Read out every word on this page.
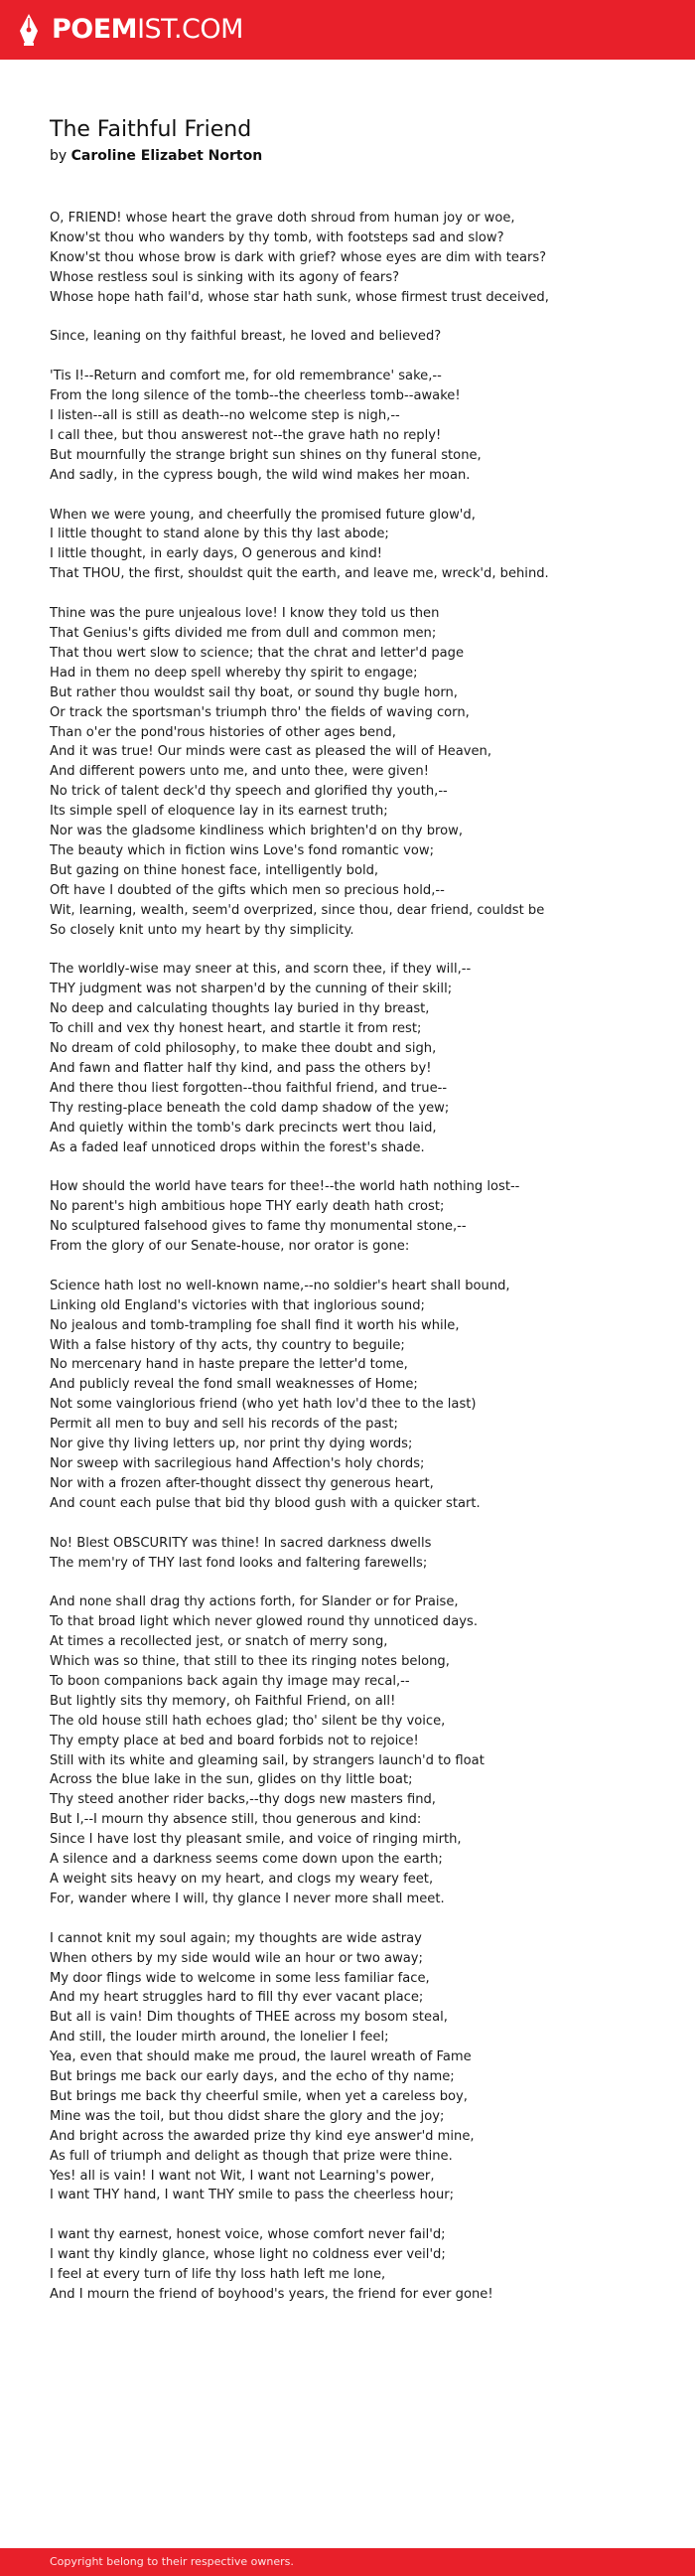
POEMIST.COM
The Faithful Friend
by Caroline Elizabet Norton
O, FRIEND! whose heart the grave doth shroud from human joy or woe,
Know'st thou who wanders by thy tomb, with footsteps sad and slow?
Know'st thou whose brow is dark with grief? whose eyes are dim with tears?
Whose restless soul is sinking with its agony of fears?
Whose hope hath fail'd, whose star hath sunk, whose firmest trust deceived,
Since, leaning on thy faithful breast, he loved and believed?
'Tis I!--Return and comfort me, for old remembrance' sake,--
From the long silence of the tomb--the cheerless tomb--awake!
I listen--all is still as death--no welcome step is nigh,--
I call thee, but thou answerest not--the grave hath no reply!
But mournfully the strange bright sun shines on thy funeral stone,
And sadly, in the cypress bough, the wild wind makes her moan.
When we were young, and cheerfully the promised future glow'd,
I little thought to stand alone by this thy last abode;
I little thought, in early days, O generous and kind!
That THOU, the first, shouldst quit the earth, and leave me, wreck'd, behind.
Thine was the pure unjealous love! I know they told us then
That Genius's gifts divided me from dull and common men;
That thou wert slow to science; that the chrat and letter'd page
Had in them no deep spell whereby thy spirit to engage;
But rather thou wouldst sail thy boat, or sound thy bugle horn,
Or track the sportsman's triumph thro' the fields of waving corn,
Than o'er the pond'rous histories of other ages bend,
And it was true! Our minds were cast as pleased the will of Heaven,
And different powers unto me, and unto thee, were given!
No trick of talent deck'd thy speech and glorified thy youth,--
Its simple spell of eloquence lay in its earnest truth;
Nor was the gladsome kindliness which brighten'd on thy brow,
The beauty which in fiction wins Love's fond romantic vow;
But gazing on thine honest face, intelligently bold,
Oft have I doubted of the gifts which men so precious hold,--
Wit, learning, wealth, seem'd overprized, since thou, dear friend, couldst be
So closely knit unto my heart by thy simplicity.
The worldly-wise may sneer at this, and scorn thee, if they will,--
THY judgment was not sharpen'd by the cunning of their skill;
No deep and calculating thoughts lay buried in thy breast,
To chill and vex thy honest heart, and startle it from rest;
No dream of cold philosophy, to make thee doubt and sigh,
And fawn and flatter half thy kind, and pass the others by!
And there thou liest forgotten--thou faithful friend, and true--
Thy resting-place beneath the cold damp shadow of the yew;
And quietly within the tomb's dark precincts wert thou laid,
As a faded leaf unnoticed drops within the forest's shade.
How should the world have tears for thee!--the world hath nothing lost--
No parent's high ambitious hope THY early death hath crost;
No sculptured falsehood gives to fame thy monumental stone,--
From the glory of our Senate-house, nor orator is gone:
Science hath lost no well-known name,--no soldier's heart shall bound,
Linking old England's victories with that inglorious sound;
No jealous and tomb-trampling foe shall find it worth his while,
With a false history of thy acts, thy country to beguile;
No mercenary hand in haste prepare the letter'd tome,
And publicly reveal the fond small weaknesses of Home;
Not some vainglorious friend (who yet hath lov'd thee to the last)
Permit all men to buy and sell his records of the past;
Nor give thy living letters up, nor print thy dying words;
Nor sweep with sacrilegious hand Affection's holy chords;
Nor with a frozen after-thought dissect thy generous heart,
And count each pulse that bid thy blood gush with a quicker start.
No! Blest OBSCURITY was thine! In sacred darkness dwells
The mem'ry of THY last fond looks and faltering farewells;
And none shall drag thy actions forth, for Slander or for Praise,
To that broad light which never glowed round thy unnoticed days.
At times a recollected jest, or snatch of merry song,
Which was so thine, that still to thee its ringing notes belong,
To boon companions back again thy image may recal,--
But lightly sits thy memory, oh Faithful Friend, on all!
The old house still hath echoes glad; tho' silent be thy voice,
Thy empty place at bed and board forbids not to rejoice!
Still with its white and gleaming sail, by strangers launch'd to float
Across the blue lake in the sun, glides on thy little boat;
Thy steed another rider backs,--thy dogs new masters find,
But I,--I mourn thy absence still, thou generous and kind:
Since I have lost thy pleasant smile, and voice of ringing mirth,
A silence and a darkness seems come down upon the earth;
A weight sits heavy on my heart, and clogs my weary feet,
For, wander where I will, thy glance I never more shall meet.
I cannot knit my soul again; my thoughts are wide astray
When others by my side would wile an hour or two away;
My door flings wide to welcome in some less familiar face,
And my heart struggles hard to fill thy ever vacant place;
But all is vain! Dim thoughts of THEE across my bosom steal,
And still, the louder mirth around, the lonelier I feel;
Yea, even that should make me proud, the laurel wreath of Fame
But brings me back our early days, and the echo of thy name;
But brings me back thy cheerful smile, when yet a careless boy,
Mine was the toil, but thou didst share the glory and the joy;
And bright across the awarded prize thy kind eye answer'd mine,
As full of triumph and delight as though that prize were thine.
Yes! all is vain! I want not Wit, I want not Learning's power,
I want THY hand, I want THY smile to pass the cheerless hour;
I want thy earnest, honest voice, whose comfort never fail'd;
I want thy kindly glance, whose light no coldness ever veil'd;
I feel at every turn of life thy loss hath left me lone,
And I mourn the friend of boyhood's years, the friend for ever gone!
Copyright belong to their respective owners.
